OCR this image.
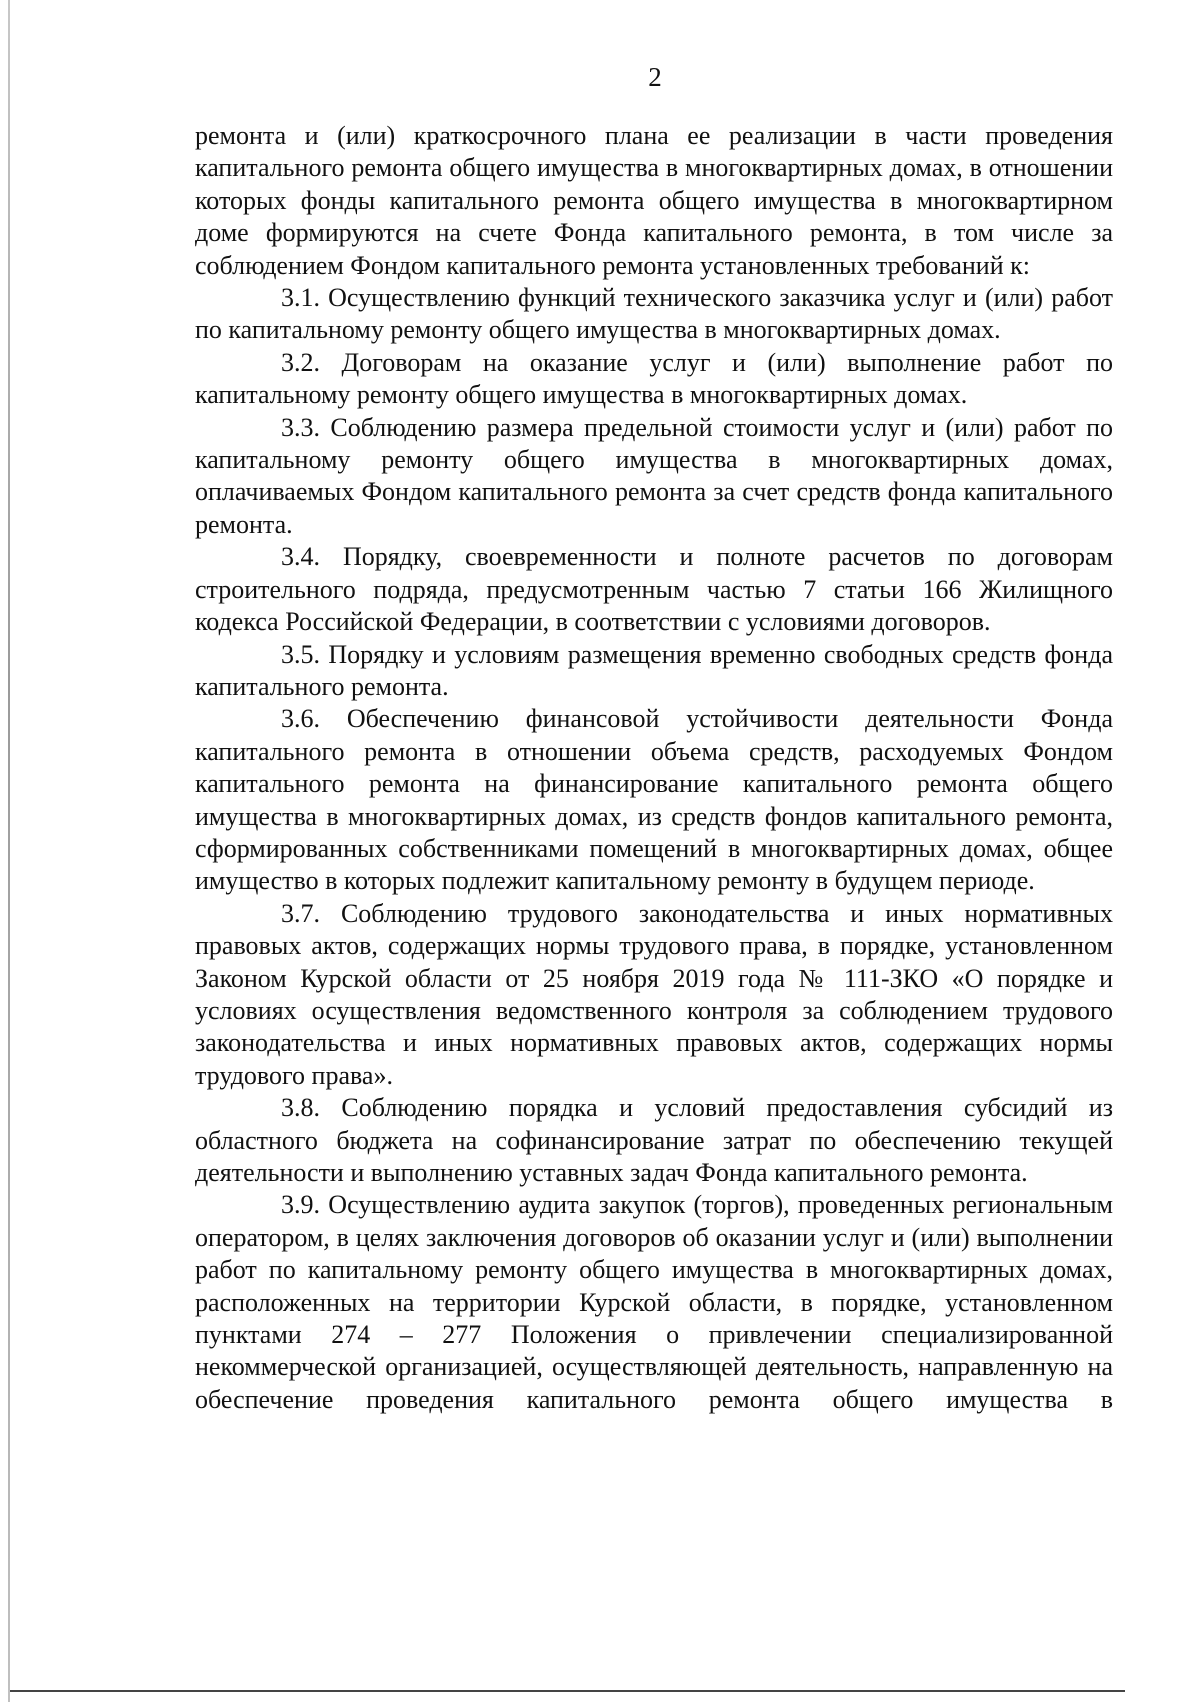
2

ремонта и (или) краткосрочного плана ее реализации в части проведения капитального ремонта общего имущества в многоквартирных домах, в отношении которых фонды капитального ремонта общего имущества в многоквартирном доме формируются на счете Фонда капитального ремонта, в том числе за соблюдением Фондом капитального ремонта установленных требований к:

3.1. Осуществлению функций технического заказчика услуг и (или) работ по капитальному ремонту общего имущества в многоквартирных домах.

3.2. Договорам на оказание услуг и (или) выполнение работ по капитальному ремонту общего имущества в многоквартирных домах.

3.3. Соблюдению размера предельной стоимости услуг и (или) работ по капитальному ремонту общего имущества в многоквартирных домах, оплачиваемых Фондом капитального ремонта за счет средств фонда капитального ремонта.

3.4. Порядку, своевременности и полноте расчетов по договорам строительного подряда, предусмотренным частью 7 статьи 166 Жилищного кодекса Российской Федерации, в соответствии с условиями договоров.

3.5. Порядку и условиям размещения временно свободных средств фонда капитального ремонта.

3.6. Обеспечению финансовой устойчивости деятельности Фонда капитального ремонта в отношении объема средств, расходуемых Фондом капитального ремонта на финансирование капитального ремонта общего имущества в многоквартирных домах, из средств фондов капитального ремонта, сформированных собственниками помещений в многоквартирных домах, общее имущество в которых подлежит капитальному ремонту в будущем периоде.

3.7. Соблюдению трудового законодательства и иных нормативных правовых актов, содержащих нормы трудового права, в порядке, установленном Законом Курской области от 25 ноября 2019 года № 111-ЗКО «О порядке и условиях осуществления ведомственного контроля за соблюдением трудового законодательства и иных нормативных правовых актов, содержащих нормы трудового права».

3.8. Соблюдению порядка и условий предоставления субсидий из областного бюджета на софинансирование затрат по обеспечению текущей деятельности и выполнению уставных задач Фонда капитального ремонта.

3.9. Осуществлению аудита закупок (торгов), проведенных региональным оператором, в целях заключения договоров об оказании услуг и (или) выполнении работ по капитальному ремонту общего имущества в многоквартирных домах, расположенных на территории Курской области, в порядке, установленном пунктами 274 – 277 Положения о привлечении специализированной некоммерческой организацией, осуществляющей деятельность, направленную на обеспечение проведения капитального ремонта общего имущества в
